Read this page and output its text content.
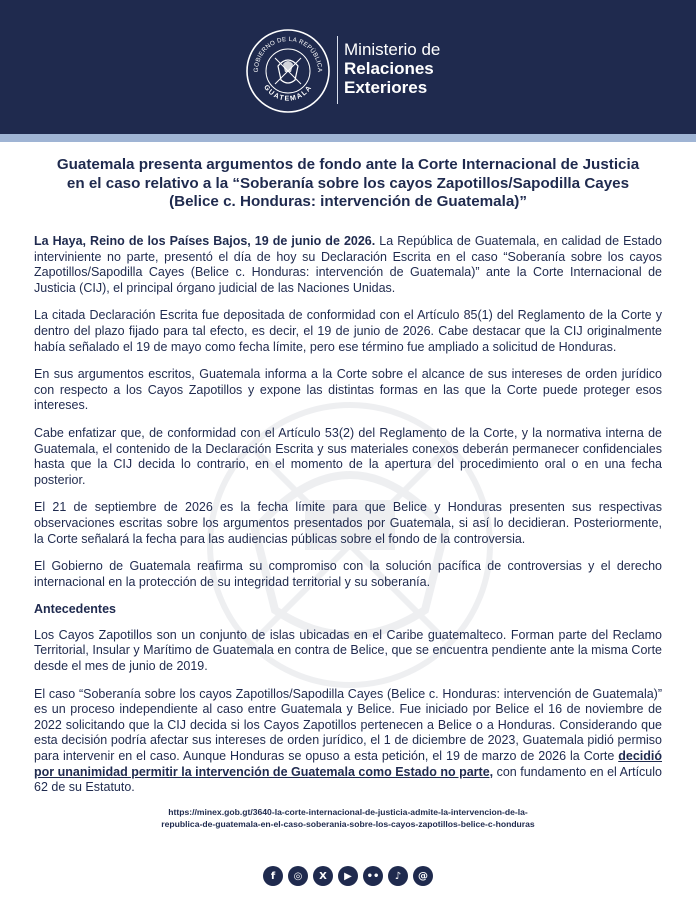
GOBIERNO DE LA REPÚBLICA
GUATEMALA
Ministerio de
Relaciones
Exteriores
Guatemala presenta argumentos de fondo ante la Corte Internacional de Justicia
en el caso relativo a la “Soberanía sobre los cayos Zapotillos/Sapodilla Cayes
(Belice c. Honduras: intervención de Guatemala)”

La Haya, Reino de los Países Bajos, 19 de junio de 2026. La República de Guatemala, en calidad de Estado interviniente no parte, presentó el día de hoy su Declaración Escrita en el caso “Soberanía sobre los cayos Zapotillos/Sapodilla Cayes (Belice c. Honduras: intervención de Guatemala)” ante la Corte Internacional de Justicia (CIJ), el principal órgano judicial de las Naciones Unidas.

La citada Declaración Escrita fue depositada de conformidad con el Artículo 85(1) del Reglamento de la Corte y dentro del plazo fijado para tal efecto, es decir, el 19 de junio de 2026. Cabe destacar que la CIJ originalmente había señalado el 19 de mayo como fecha límite, pero ese término fue ampliado a solicitud de Honduras.

En sus argumentos escritos, Guatemala informa a la Corte sobre el alcance de sus intereses de orden jurídico con respecto a los Cayos Zapotillos y expone las distintas formas en las que la Corte puede proteger esos intereses.

Cabe enfatizar que, de conformidad con el Artículo 53(2) del Reglamento de la Corte, y la normativa interna de Guatemala, el contenido de la Declaración Escrita y sus materiales conexos deberán permanecer confidenciales hasta que la CIJ decida lo contrario, en el momento de la apertura del procedimiento oral o en una fecha posterior.

El 21 de septiembre de 2026 es la fecha límite para que Belice y Honduras presenten sus respectivas observaciones escritas sobre los argumentos presentados por Guatemala, si así lo decidieran. Posteriormente, la Corte señalará la fecha para las audiencias públicas sobre el fondo de la controversia.

El Gobierno de Guatemala reafirma su compromiso con la solución pacífica de controversias y el derecho internacional en la protección de su integridad territorial y su soberanía.

Antecedentes

Los Cayos Zapotillos son un conjunto de islas ubicadas en el Caribe guatemalteco. Forman parte del Reclamo Territorial, Insular y Marítimo de Guatemala en contra de Belice, que se encuentra pendiente ante la misma Corte desde el mes de junio de 2019.

El caso “Soberanía sobre los cayos Zapotillos/Sapodilla Cayes (Belice c. Honduras: intervención de Guatemala)” es un proceso independiente al caso entre Guatemala y Belice. Fue iniciado por Belice el 16 de noviembre de 2022 solicitando que la CIJ decida si los Cayos Zapotillos pertenecen a Belice o a Honduras. Considerando que esta decisión podría afectar sus intereses de orden jurídico, el 1 de diciembre de 2023, Guatemala pidió permiso para intervenir en el caso. Aunque Honduras se opuso a esta petición, el 19 de marzo de 2026 la Corte decidió por unanimidad permitir la intervención de Guatemala como Estado no parte, con fundamento en el Artículo 62 de su Estatuto.

https://minex.gob.gt/3640-la-corte-internacional-de-justicia-admite-la-intervencion-de-la-
republica-de-guatemala-en-el-caso-soberania-sobre-los-cayos-zapotillos-belice-c-honduras
f	◎	X	▶	••	♪	@
